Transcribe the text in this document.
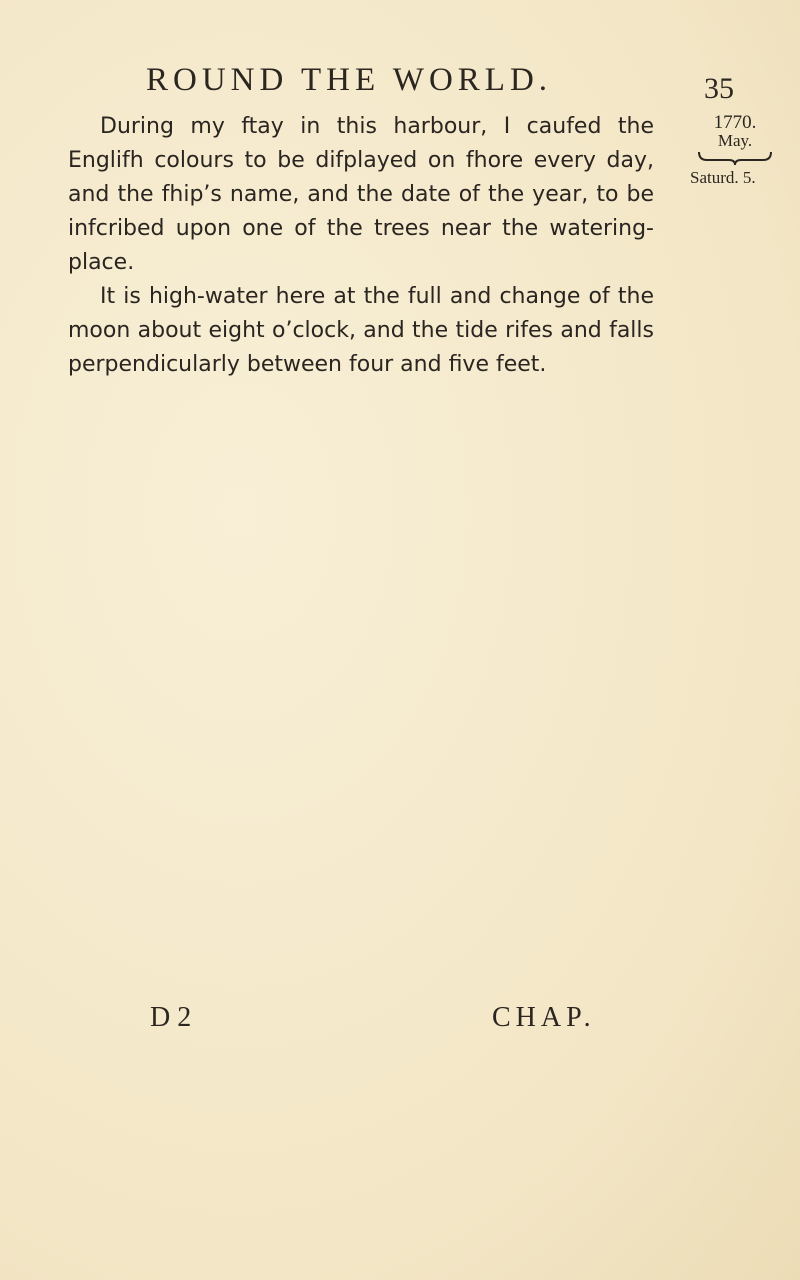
ROUND THE WORLD.	35
1770.
May.
Saturd. 5.

During my ftay in this harbour, I caufed the Englifh colours to be difplayed on fhore every day, and the fhip’s name, and the date of the year, to be infcribed upon one of the trees near the watering-place.

It is high-water here at the full and change of the moon about eight o’clock, and the tide rifes and falls perpendicularly between four and five feet.

D 2	CHAP.
